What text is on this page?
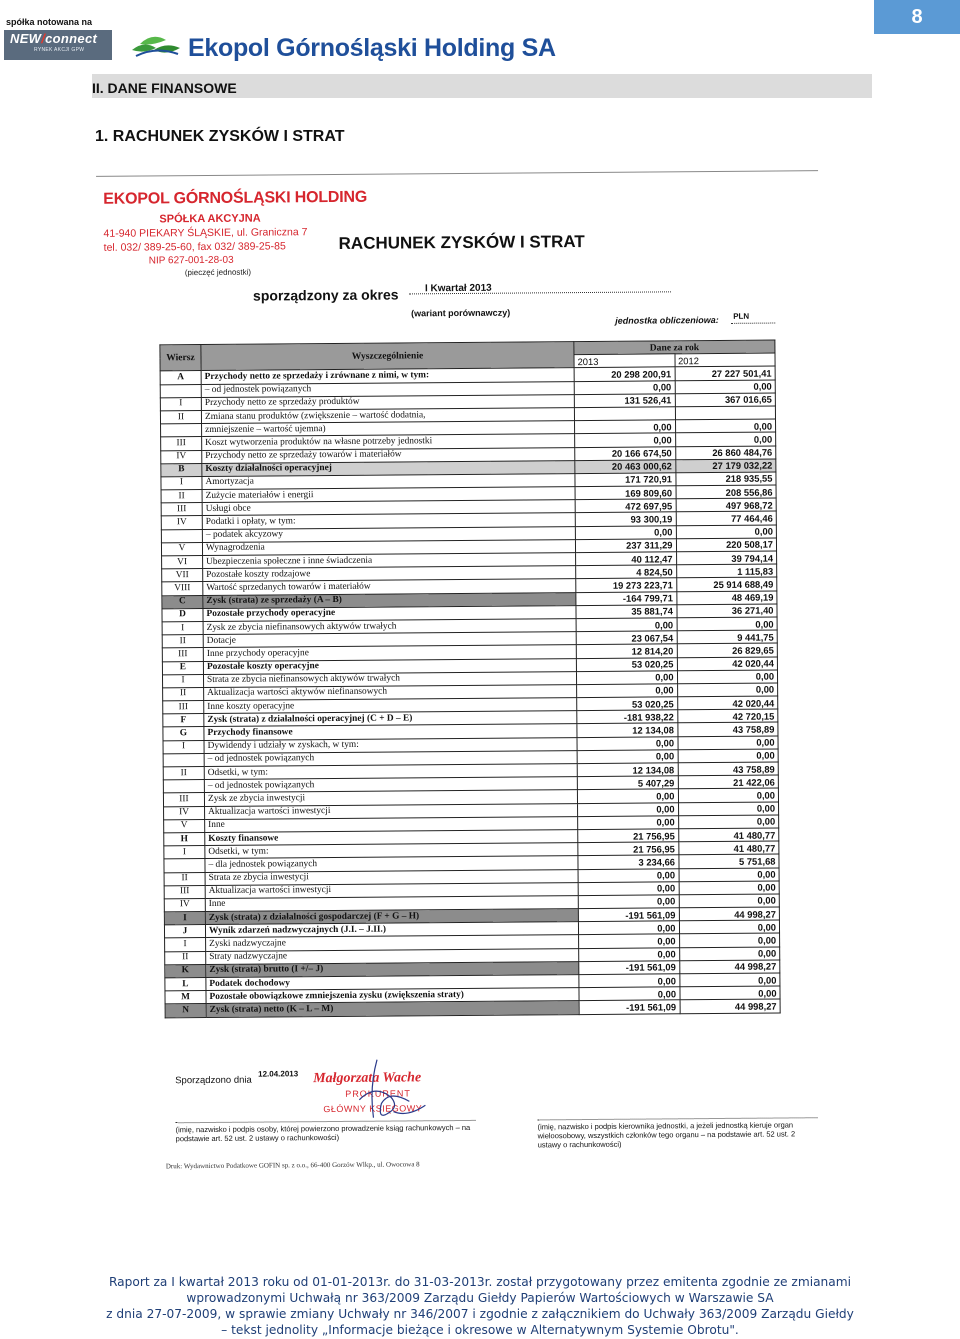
spółka notowana na
NEW/connect
RYNEK AKCJI GPW	Ekopol Górnośląski Holding SA
8
II. DANE FINANSOWE
1. RACHUNEK ZYSKÓW I STRAT
EKOPOL GÓRNOŚLĄSKI HOLDING
SPÓŁKA AKCYJNA
41-940 PIEKARY ŚLĄSKIE, ul. Graniczna 7
tel. 032/ 389-25-60, fax 032/ 389-25-85
NIP 627-001-28-03
(pieczęć jednostki)
RACHUNEK ZYSKÓW I STRAT
sporządzony za okres	I Kwartał 2013
(wariant porównawczy)
jednostka obliczeniowa: PLN
Wiersz	Wyszczególnienie	Dane za rok	
		2013	2012
A	Przychody netto ze sprzedaży i zrównane z nimi, w tym:	20 298 200,91	27 227 501,41
	– od jednostek powiązanych	0,00	0,00
I	Przychody netto ze sprzedaży produktów	131 526,41	367 016,65
II	Zmiana stanu produktów (zwiększenie – wartość dodatnia,		
	zmniejszenie – wartość ujemna)	0,00	0,00
III	Koszt wytworzenia produktów na własne potrzeby jednostki	0,00	0,00
IV	Przychody netto ze sprzedaży towarów i materiałów	20 166 674,50	26 860 484,76
B	Koszty działalności operacyjnej	20 463 000,62	27 179 032,22
I	Amortyzacja	171 720,91	218 935,55
II	Zużycie materiałów i energii	169 809,60	208 556,86
III	Usługi obce	472 697,95	497 968,72
IV	Podatki i opłaty, w tym:	93 300,19	77 464,46
	– podatek akcyzowy	0,00	0,00
V	Wynagrodzenia	237 311,29	220 508,17
VI	Ubezpieczenia społeczne i inne świadczenia	40 112,47	39 794,14
VII	Pozostałe koszty rodzajowe	4 824,50	1 115,83
VIII	Wartość sprzedanych towarów i materiałów	19 273 223,71	25 914 688,49
C	Zysk (strata) ze sprzedaży (A – B)	-164 799,71	48 469,19
D	Pozostałe przychody operacyjne	35 881,74	36 271,40
I	Zysk ze zbycia niefinansowych aktywów trwałych	0,00	0,00
II	Dotacje	23 067,54	9 441,75
III	Inne przychody operacyjne	12 814,20	26 829,65
E	Pozostałe koszty operacyjne	53 020,25	42 020,44
I	Strata ze zbycia niefinansowych aktywów trwałych	0,00	0,00
II	Aktualizacja wartości aktywów niefinansowych	0,00	0,00
III	Inne koszty operacyjne	53 020,25	42 020,44
F	Zysk (strata) z działalności operacyjnej (C + D – E)	-181 938,22	42 720,15
G	Przychody finansowe	12 134,08	43 758,89
I	Dywidendy i udziały w zyskach, w tym:	0,00	0,00
	– od jednostek powiązanych	0,00	0,00
II	Odsetki, w tym:	12 134,08	43 758,89
	– od jednostek powiązanych	5 407,29	21 422,06
III	Zysk ze zbycia inwestycji	0,00	0,00
IV	Aktualizacja wartości inwestycji	0,00	0,00
V	Inne	0,00	0,00
H	Koszty finansowe	21 756,95	41 480,77
I	Odsetki, w tym:	21 756,95	41 480,77
	– dla jednostek powiązanych	3 234,66	5 751,68
II	Strata ze zbycia inwestycji	0,00	0,00
III	Aktualizacja wartości inwestycji	0,00	0,00
IV	Inne	0,00	0,00
I	Zysk (strata) z działalności gospodarczej (F + G – H)	-191 561,09	44 998,27
J	Wynik zdarzeń nadzwyczajnych (J.I. – J.II.)	0,00	0,00
I	Zyski nadzwyczajne	0,00	0,00
II	Straty nadzwyczajne	0,00	0,00
K	Zysk (strata) brutto (I +/– J)	-191 561,09	44 998,27
L	Podatek dochodowy	0,00	0,00
M	Pozostałe obowiązkowe zmniejszenia zysku (zwiększenia straty)	0,00	0,00
N	Zysk (strata) netto (K – L – M)	-191 561,09	44 998,27
Sporządzono dnia
12.04.2013 Małgorzata Wache
PROKURENT
GŁÓWNY KSIĘGOWY
(imię, nazwisko i podpis osoby, której powierzono prowadzenie ksiąg rachunkowych – na podstawie art. 52 ust. 2 ustawy o rachunkowości)
(imię, nazwisko i podpis kierownika jednostki, a jeżeli jednostką kieruje organ wieloosobowy, wszystkich członków tego organu – na podstawie art. 52 ust. 2 ustawy o rachunkowości)
Druk: Wydawnictwo Podatkowe GOFIN sp. z o.o., 66-400 Gorzów Wlkp., ul. Owocowa 8
Raport za I kwartał 2013 roku od 01-01-2013r. do 31-03-2013r. został przygotowany przez emitenta zgodnie ze zmianami
wprowadzonymi Uchwałą nr 363/2009 Zarządu Giełdy Papierów Wartościowych w Warszawie SA
z dnia 27-07-2009, w sprawie zmiany Uchwały nr 346/2007 i zgodnie z załącznikiem do Uchwały 363/2009 Zarządu Giełdy
– tekst jednolity „Informacje bieżące i okresowe w Alternatywnym Systemie Obrotu".
